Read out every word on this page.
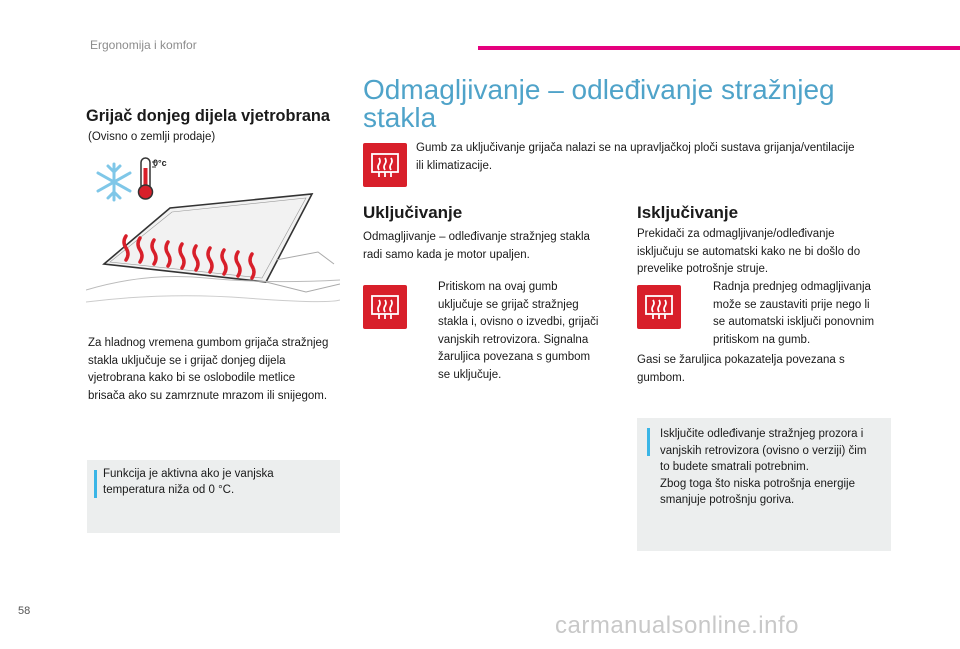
Ergonomija i komfor
Grijač donjeg dijela vjetrobrana
(Ovisno o zemlji prodaje)
0°c
Za hladnog vremena gumbom grijača stražnjeg
stakla uključuje se i grijač donjeg dijela
vjetrobrana kako bi se oslobodile metlice
brisača ako su zamrznute mrazom ili snijegom.
Funkcija je aktivna ako je vanjska
temperatura niža od 0 °C.
Odmagljivanje – odleđivanje stražnjeg
stakla
Gumb za uključivanje grijača nalazi se na upravljačkoj ploči sustava grijanja/ventilacije
ili klimatizacije.
Uključivanje
Odmagljivanje – odleđivanje stražnjeg stakla
radi samo kada je motor upaljen.
Pritiskom na ovaj gumb
uključuje se grijač stražnjeg
stakla i, ovisno o izvedbi, grijači
vanjskih retrovizora. Signalna
žaruljica povezana s gumbom
se uključuje.
Isključivanje
Prekidači za odmagljivanje/odleđivanje
isključuju se automatski kako ne bi došlo do
prevelike potrošnje struje.
Radnja prednjeg odmagljivanja
može se zaustaviti prije nego li
se automatski isključi ponovnim
pritiskom na gumb.
Gasi se žaruljica pokazatelja povezana s
gumbom.
Isključite odleđivanje stražnjeg prozora i
vanjskih retrovizora (ovisno o verziji) čim
to budete smatrali potrebnim.
Zbog toga što niska potrošnja energije
smanjuje potrošnju goriva.
58
carmanualsonline.info
